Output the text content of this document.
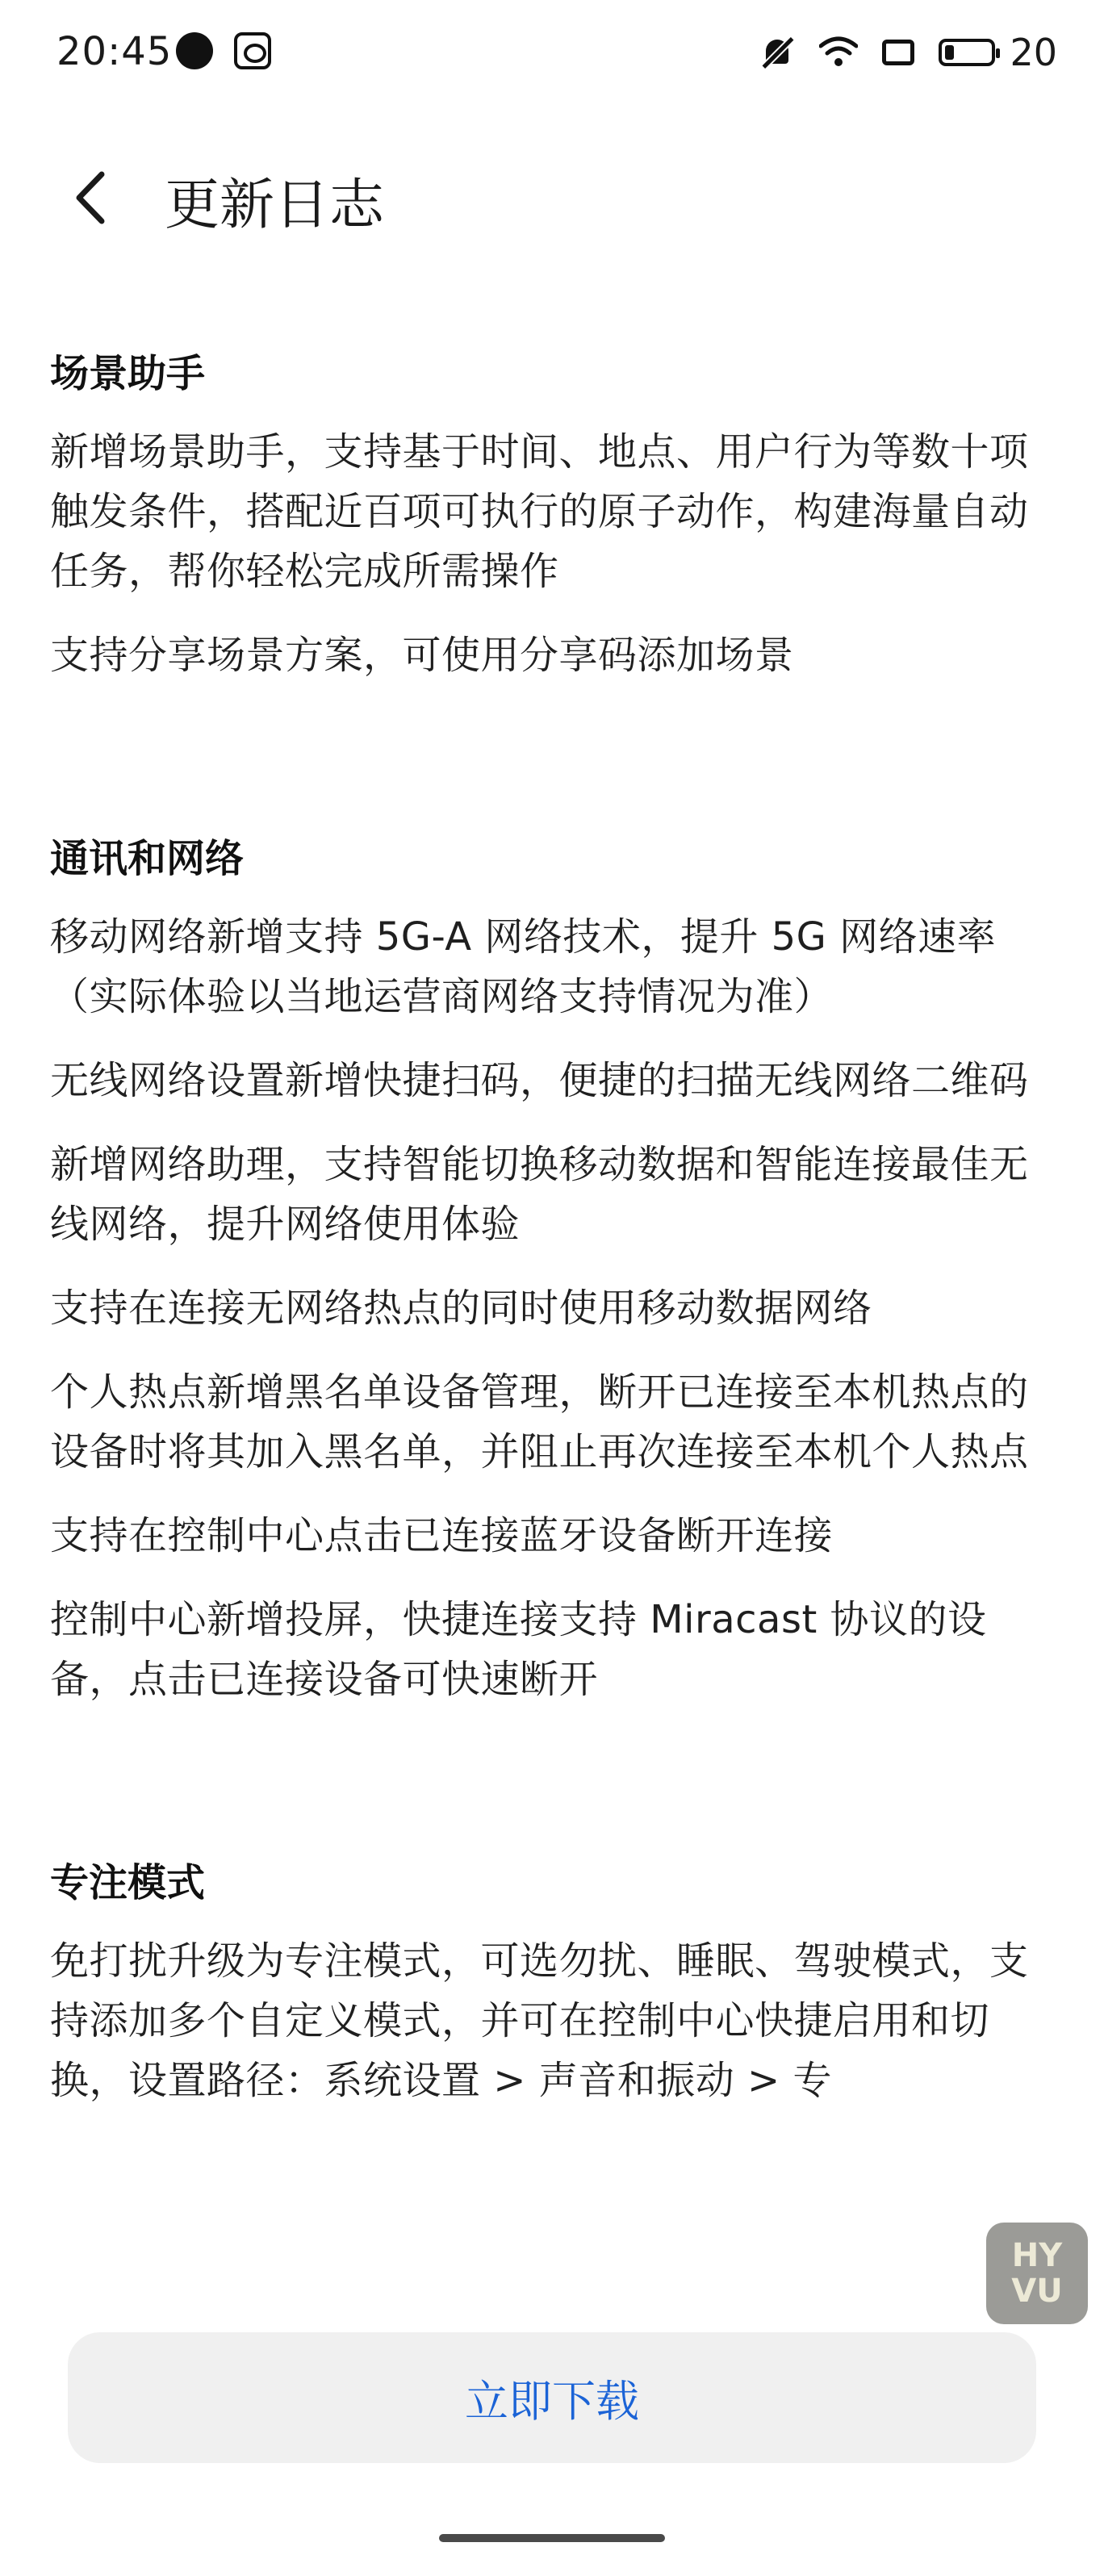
20:45	20
更新日志
场景助手
新增场景助手，支持基于时间、地点、用户行为等数十项触发条件，搭配近百项可执行的原子动作，构建海量自动任务，帮你轻松完成所需操作
支持分享场景方案，可使用分享码添加场景
通讯和网络
移动网络新增支持 5G-A 网络技术，提升 5G 网络速率（实际体验以当地运营商网络支持情况为准）
无线网络设置新增快捷扫码，便捷的扫描无线网络二维码
新增网络助理，支持智能切换移动数据和智能连接最佳无线网络，提升网络使用体验
支持在连接无网络热点的同时使用移动数据网络
个人热点新增黑名单设备管理，断开已连接至本机热点的设备时将其加入黑名单，并阻止再次连接至本机个人热点
支持在控制中心点击已连接蓝牙设备断开连接
控制中心新增投屏，快捷连接支持 Miracast 协议的设备，点击已连接设备可快速断开
专注模式
免打扰升级为专注模式，可选勿扰、睡眠、驾驶模式，支持添加多个自定义模式，并可在控制中心快捷启用和切换，设置路径：系统设置 > 声音和振动 > 专
HY
VU
立即下载
